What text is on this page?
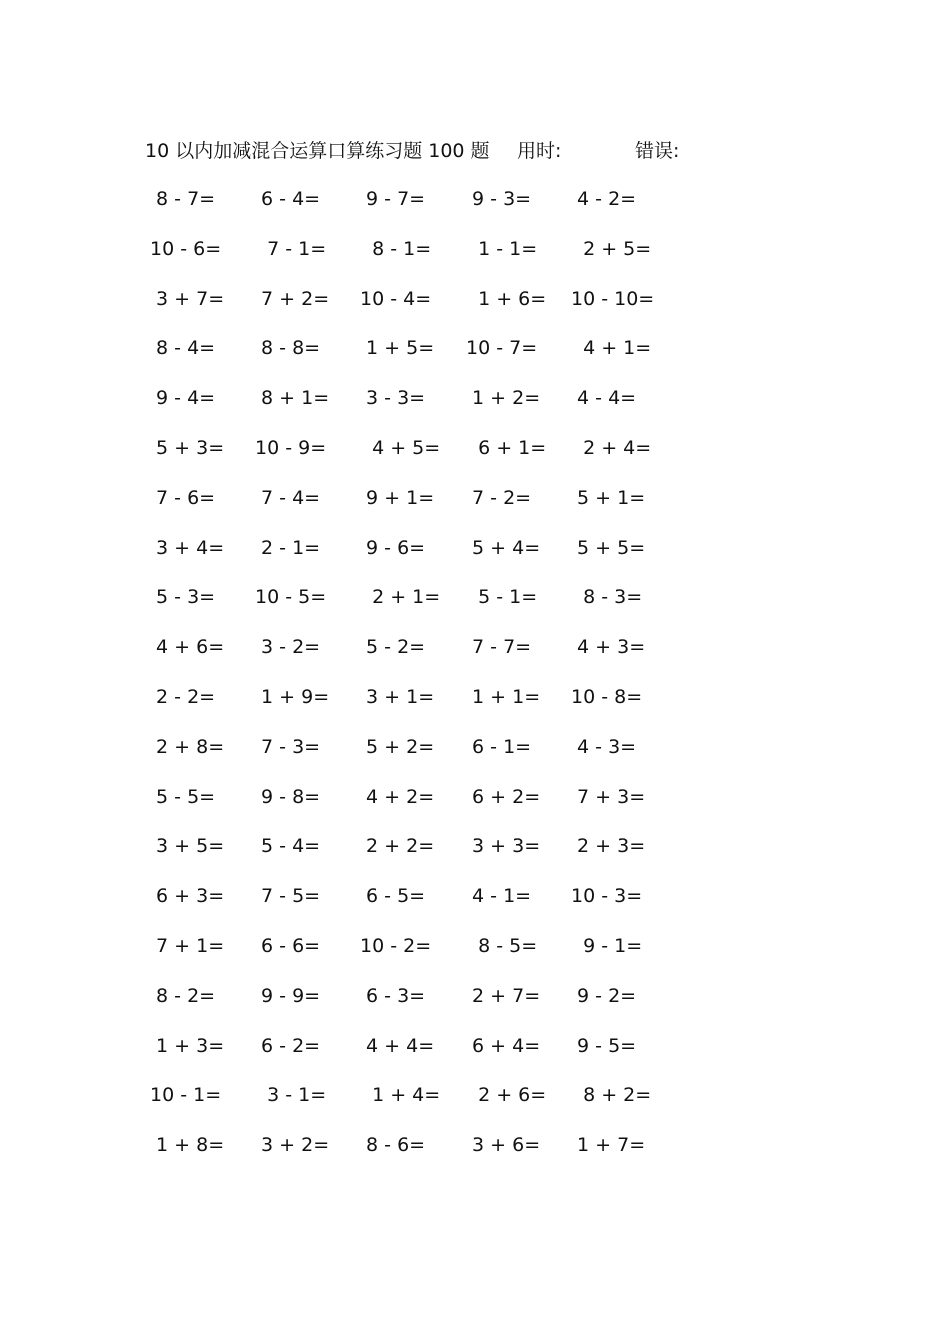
10 以内加减混合运算口算练习题 100 题 用时:	错误:
8 - 7= 6 - 4= 9 - 7= 9 - 3= 4 - 2=
10 - 6= 7 - 1= 8 - 1= 1 - 1= 2 + 5=
3 + 7= 7 + 2= 10 - 4= 1 + 6= 10 - 10=
8 - 4= 8 - 8= 1 + 5= 10 - 7= 4 + 1=
9 - 4= 8 + 1= 3 - 3= 1 + 2= 4 - 4=
5 + 3= 10 - 9= 4 + 5= 6 + 1= 2 + 4=
7 - 6= 7 - 4= 9 + 1= 7 - 2= 5 + 1=
3 + 4= 2 - 1= 9 - 6= 5 + 4= 5 + 5=
5 - 3= 10 - 5= 2 + 1= 5 - 1= 8 - 3=
4 + 6= 3 - 2= 5 - 2= 7 - 7= 4 + 3=
2 - 2= 1 + 9= 3 + 1= 1 + 1= 10 - 8=
2 + 8= 7 - 3= 5 + 2= 6 - 1= 4 - 3=
5 - 5= 9 - 8= 4 + 2= 6 + 2= 7 + 3=
3 + 5= 5 - 4= 2 + 2= 3 + 3= 2 + 3=
6 + 3= 7 - 5= 6 - 5= 4 - 1= 10 - 3=
7 + 1= 6 - 6= 10 - 2= 8 - 5= 9 - 1=
8 - 2= 9 - 9= 6 - 3= 2 + 7= 9 - 2=
1 + 3= 6 - 2= 4 + 4= 6 + 4= 9 - 5=
10 - 1= 3 - 1= 1 + 4= 2 + 6= 8 + 2=
1 + 8= 3 + 2= 8 - 6= 3 + 6= 1 + 7=
